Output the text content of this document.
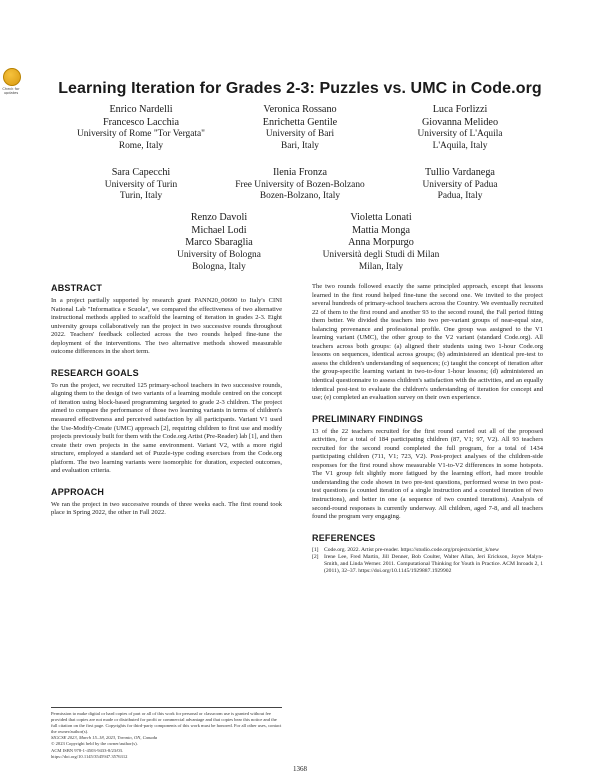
Check for updates	Learning Iteration for Grades 2-3: Puzzles vs. UMC in Code.org
Enrico Nardelli
Francesco Lacchia
University of Rome "Tor Vergata"
Rome, Italy
Veronica Rossano
Enrichetta Gentile
University of Bari
Bari, Italy
Luca Forlizzi
Giovanna Melideo
University of L'Aquila
L'Aquila, Italy
Sara Capecchi
University of Turin
Turin, Italy
Ilenia Fronza
Free University of Bozen-Bolzano
Bozen-Bolzano, Italy
Tullio Vardanega
University of Padua
Padua, Italy
Renzo Davoli
Michael Lodi
Marco Sbaraglia
University of Bologna
Bologna, Italy
Violetta Lonati
Mattia Monga
Anna Morpurgo
Università degli Studi di Milan
Milan, Italy
ABSTRACT

In a project partially supported by research grant PANN20_00690 to Italy's CINI National Lab "Informatica e Scuola", we compared the effectiveness of two alternative instructional methods applied to scaffold the learning of iteration in grades 2-3. Eight university groups collaboratively ran the project in two successive rounds throughout 2022. Teachers' feedback collected across the two rounds helped fine-tune the deployment of the interventions. The two alternative methods showed measurable outcome differences in the short term.

RESEARCH GOALS

To run the project, we recruited 125 primary-school teachers in two successive rounds, aligning them to the design of two variants of a learning module centred on the concept of iteration using block-based programming targeted to grade 2-3 children. The project aimed to compare the performance of those two learning variants in terms of children's measured effectiveness and perceived satisfaction by all participants. Variant V1 used the Use-Modify-Create (UMC) approach [2], requiring children to first use and modify projects previously built for them with the Code.org Artist (Pre-Reader) lab [1], and then create their own projects in the same environment. Variant V2, with a more rigid structure, employed a standard set of Puzzle-type coding exercises from the Code.org platform. The two learning variants were isomorphic for duration, expected outcomes, and evaluation criteria.

APPROACH

We ran the project in two successive rounds of three weeks each. The first round took place in Spring 2022, the other in Fall 2022.

The two rounds followed exactly the same principled approach, except that lessons learned in the first round helped fine-tune the second one. We invited to the project several hundreds of primary-school teachers across the Country. We eventually recruited 22 of them to the first round and another 93 to the second round, the Fall period fitting them better. We divided the teachers into two per-variant groups of near-equal size, balancing provenance and professional profile. One group was assigned to the V1 learning variant (UMC), the other group to the V2 variant (standard Code.org). All teachers across both groups: (a) aligned their students using two 1-hour Code.org lessons on sequences, identical across groups; (b) administered an identical pre-test to assess the children's understanding of sequences; (c) taught the concept of iteration after the group-specific learning variant in two-to-four 1-hour lessons; (d) administered an identical questionnaire to assess children's satisfaction with the activities, and an equally identical post-test to evaluate the children's understanding of iteration for concept and use; (e) completed an evaluation survey on their own experience.

PRELIMINARY FINDINGS

13 of the 22 teachers recruited for the first round carried out all of the proposed activities, for a total of 184 participating children (87, V1; 97, V2). All 93 teachers recruited for the second round completed the full program, for a total of 1434 participating children (711, V1; 723, V2). Post-project analyses of the children-side responses for the first round show measurable V1-to-V2 differences in some hotspots. The V1 group felt slightly more fatigued by the learning effort, had more trouble understanding the code shown in two pre-test questions, performed worse in two post-test questions (a counted iteration of a single instruction and a counted iteration of two instructions), and better in one (a sequence of two counted iterations). Analysis of second-round responses is currently underway. All children, aged 7-8, and all teachers found the program very engaging.

REFERENCES
[1] Code.org. 2022. Artist pre-reader. https://studio.code.org/projects/artist_k/new
[2] Irene Lee, Fred Martin, Jill Denner, Bob Coulter, Walter Allan, Jeri Erickson, Joyce Malyn-Smith, and Linda Werner. 2011. Computational Thinking for Youth in Practice. ACM Inroads 2, 1 (2011), 32–37. https://doi.org/10.1145/1929887.1929902
Permission to make digital or hard copies of part or all of this work for personal or classroom use is granted without fee provided that copies are not made or distributed for profit or commercial advantage and that copies bear this notice and the full citation on the first page. Copyrights for third-party components of this work must be honored. For all other uses, contact the owner/author(s).
SIGCSE 2023, March 15–18, 2023, Toronto, ON, Canada
© 2023 Copyright held by the owner/author(s).
ACM ISBN 978-1-4503-9433-8/23/03.
https://doi.org/10.1145/3545947.3576312
1368
